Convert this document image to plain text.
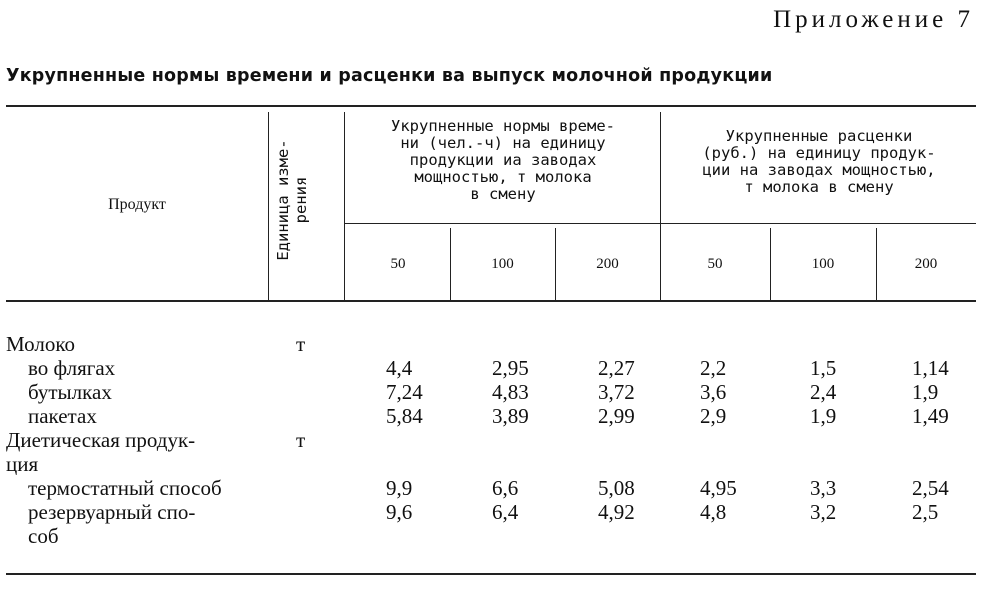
Приложение 7
Укрупненные нормы времени и расценки ва выпуск молочной продукции
Продукт	Единица изме-
рения
Укрупненные нормы време-
ни (чел.-ч) на единицу
продукции иа заводах
мощностью, т молока
в смену
Укрупненные расценки
(руб.) на единицу продук-
ции на заводах мощностью,
т молока в смену
50	100	200	50	100	200
Молоко	т
во флягах	4,4	2,95	2,27	2,2	1,5	1,14
бутылках	7,24	4,83	3,72	3,6	2,4	1,9
пакетах	5,84	3,89	2,99	2,9	1,9	1,49
Диетическая продук-	т
ция
термостатный способ	9,9	6,6	5,08	4,95	3,3	2,54
резервуарный спо-	9,6	6,4	4,92	4,8	3,2	2,5
соб
